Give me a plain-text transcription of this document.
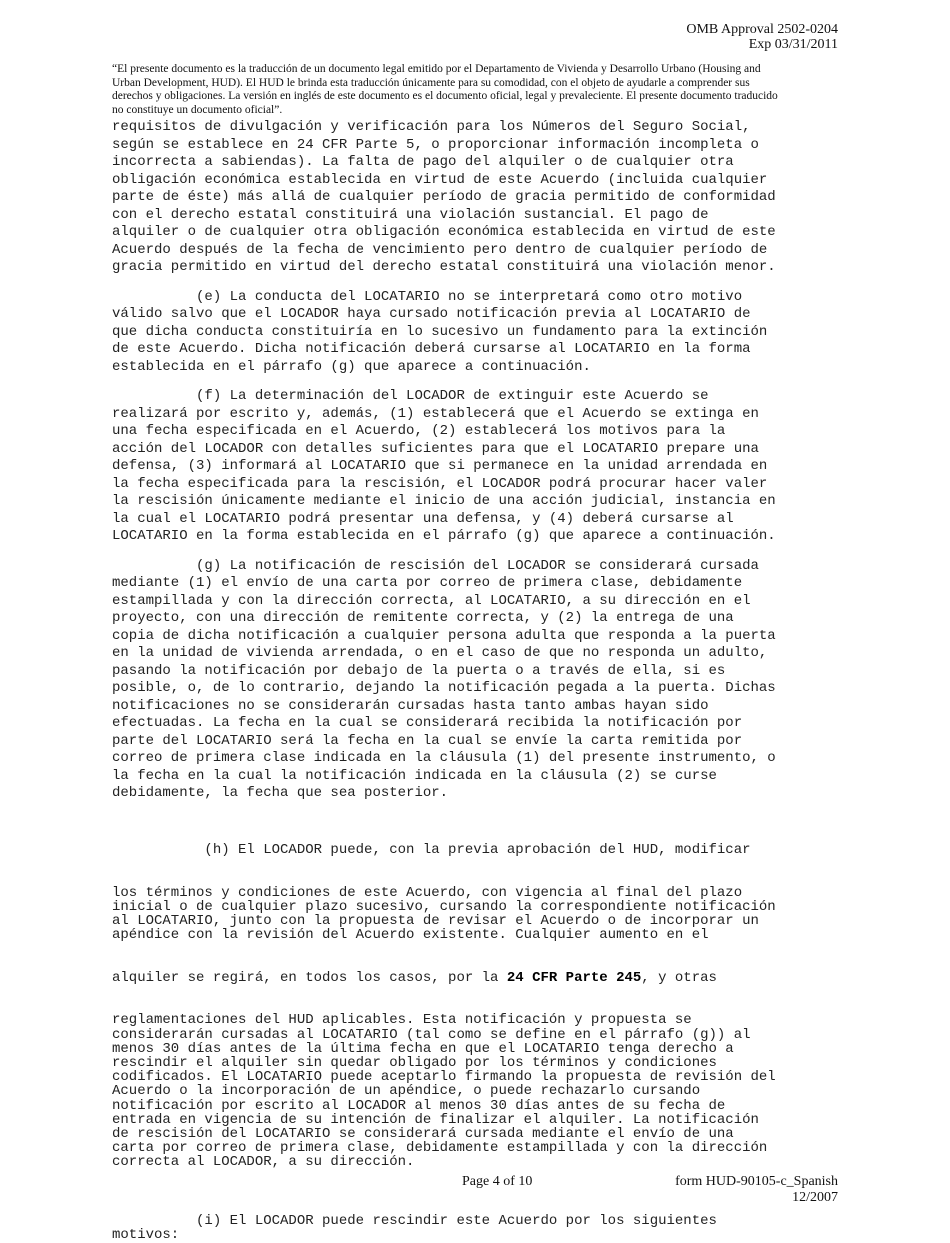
OMB Approval 2502-0204
Exp 03/31/2011
“El presente documento es la traducción de un documento legal emitido por el Departamento de Vivienda y Desarrollo Urbano (Housing and
Urban Development, HUD). El HUD le brinda esta traducción únicamente para su comodidad, con el objeto de ayudarle a comprender sus
derechos y obligaciones. La versión en inglés de este documento es el documento oficial, legal y prevaleciente. El presente documento traducido
no constituye un documento oficial”.
requisitos de divulgación y verificación para los Números del Seguro Social,
según se establece en 24 CFR Parte 5, o proporcionar información incompleta o
incorrecta a sabiendas). La falta de pago del alquiler o de cualquier otra
obligación económica establecida en virtud de este Acuerdo (incluida cualquier
parte de éste) más allá de cualquier período de gracia permitido de conformidad
con el derecho estatal constituirá una violación sustancial. El pago de
alquiler o de cualquier otra obligación económica establecida en virtud de este
Acuerdo después de la fecha de vencimiento pero dentro de cualquier período de
gracia permitido en virtud del derecho estatal constituirá una violación menor.
(e) La conducta del LOCATARIO no se interpretará como otro motivo
válido salvo que el LOCADOR haya cursado notificación previa al LOCATARIO de
que dicha conducta constituiría en lo sucesivo un fundamento para la extinción
de este Acuerdo. Dicha notificación deberá cursarse al LOCATARIO en la forma
establecida en el párrafo (g) que aparece a continuación.
(f) La determinación del LOCADOR de extinguir este Acuerdo se
realizará por escrito y, además, (1) establecerá que el Acuerdo se extinga en
una fecha especificada en el Acuerdo, (2) establecerá los motivos para la
acción del LOCADOR con detalles suficientes para que el LOCATARIO prepare una
defensa, (3) informará al LOCATARIO que si permanece en la unidad arrendada en
la fecha especificada para la rescisión, el LOCADOR podrá procurar hacer valer
la rescisión únicamente mediante el inicio de una acción judicial, instancia en
la cual el LOCATARIO podrá presentar una defensa, y (4) deberá cursarse al
LOCATARIO en la forma establecida en el párrafo (g) que aparece a continuación.
(g) La notificación de rescisión del LOCADOR se considerará cursada
mediante (1) el envío de una carta por correo de primera clase, debidamente
estampillada y con la dirección correcta, al LOCATARIO, a su dirección en el
proyecto, con una dirección de remitente correcta, y (2) la entrega de una
copia de dicha notificación a cualquier persona adulta que responda a la puerta
en la unidad de vivienda arrendada, o en el caso de que no responda un adulto,
pasando la notificación por debajo de la puerta o a través de ella, si es
posible, o, de lo contrario, dejando la notificación pegada a la puerta. Dichas
notificaciones no se considerarán cursadas hasta tanto ambas hayan sido
efectuadas. La fecha en la cual se considerará recibida la notificación por
parte del LOCATARIO será la fecha en la cual se envíe la carta remitida por
correo de primera clase indicada en la cláusula (1) del presente instrumento, o
la fecha en la cual la notificación indicada en la cláusula (2) se curse
debidamente, la fecha que sea posterior.

(h) El LOCADOR puede, con la previa aprobación del HUD, modificar

los términos y condiciones de este Acuerdo, con vigencia al final del plazo
inicial o de cualquier plazo sucesivo, cursando la correspondiente notificación
al LOCATARIO, junto con la propuesta de revisar el Acuerdo o de incorporar un
apéndice con la revisión del Acuerdo existente. Cualquier aumento en el

alquiler se regirá, en todos los casos, por la 24 CFR Parte 245, y otras

reglamentaciones del HUD aplicables. Esta notificación y propuesta se
considerarán cursadas al LOCATARIO (tal como se define en el párrafo (g)) al
menos 30 días antes de la última fecha en que el LOCATARIO tenga derecho a
rescindir el alquiler sin quedar obligado por los términos y condiciones
codificados. El LOCATARIO puede aceptarlo firmando la propuesta de revisión del
Acuerdo o la incorporación de un apéndice, o puede rechazarlo cursando
notificación por escrito al LOCADOR al menos 30 días antes de su fecha de
entrada en vigencia de su intención de finalizar el alquiler. La notificación
de rescisión del LOCATARIO se considerará cursada mediante el envío de una
carta por correo de primera clase, debidamente estampillada y con la dirección
correcta al LOCADOR, a su dirección.

(i) El LOCADOR puede rescindir este Acuerdo por los siguientes
motivos:
Page 4 of 10	form HUD-90105-c_Spanish
12/2007
